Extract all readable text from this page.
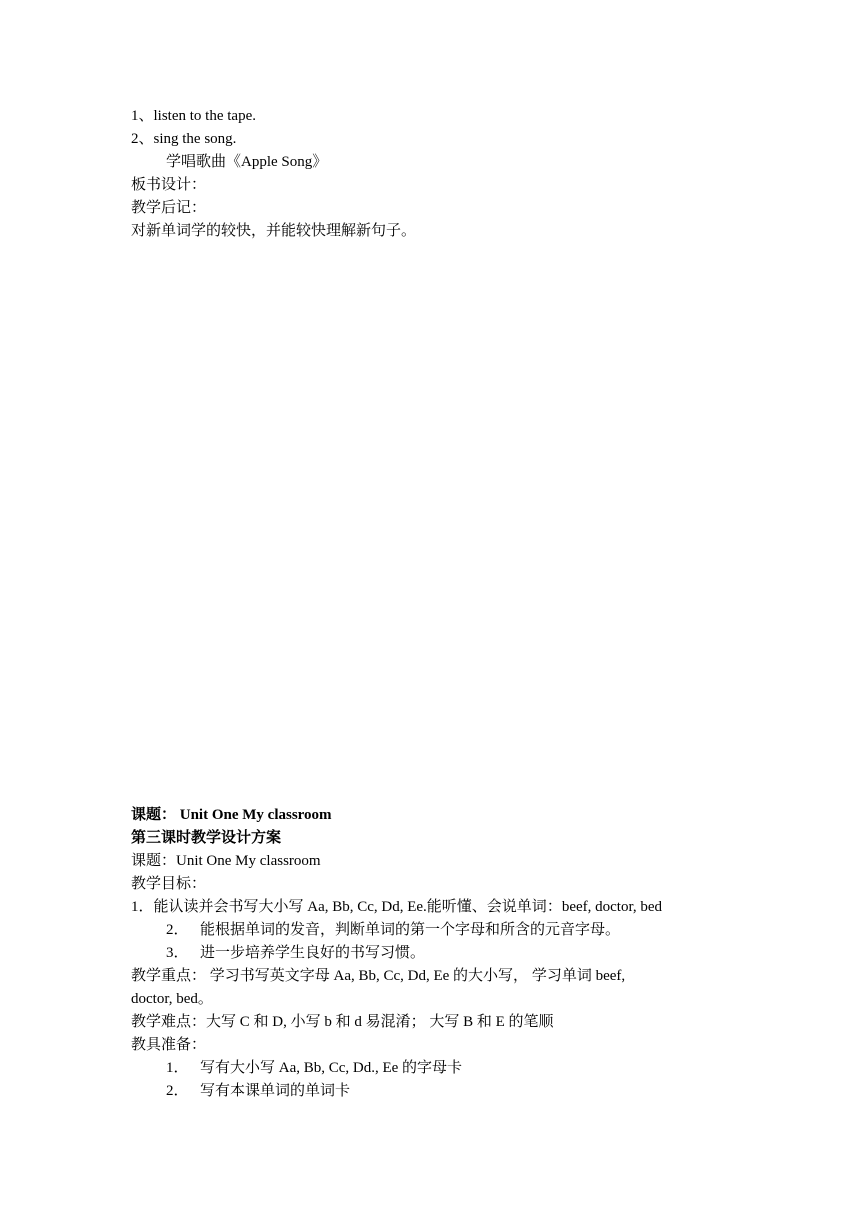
1、listen to the tape.
2、sing the song.
学唱歌曲《Apple Song》
板书设计：
教学后记：
对新单词学的较快，并能较快理解新句子。
课题： Unit One My classroom
第三课时教学设计方案
课题：Unit One My classroom
教学目标：
1．能认读并会书写大小写 Aa, Bb, Cc, Dd, Ee.能听懂、会说单词：beef, doctor, bed
2． 能根据单词的发音，判断单词的第一个字母和所含的元音字母。
3． 进一步培养学生良好的书写习惯。
教学重点： 学习书写英文字母 Aa, Bb, Cc, Dd, Ee 的大小写， 学习单词 beef,
doctor, bed。
教学难点：大写 C 和 D, 小写 b 和 d 易混淆； 大写 B 和 E 的笔顺
教具准备：
1． 写有大小写 Aa, Bb, Cc, Dd., Ee 的字母卡
2． 写有本课单词的单词卡
